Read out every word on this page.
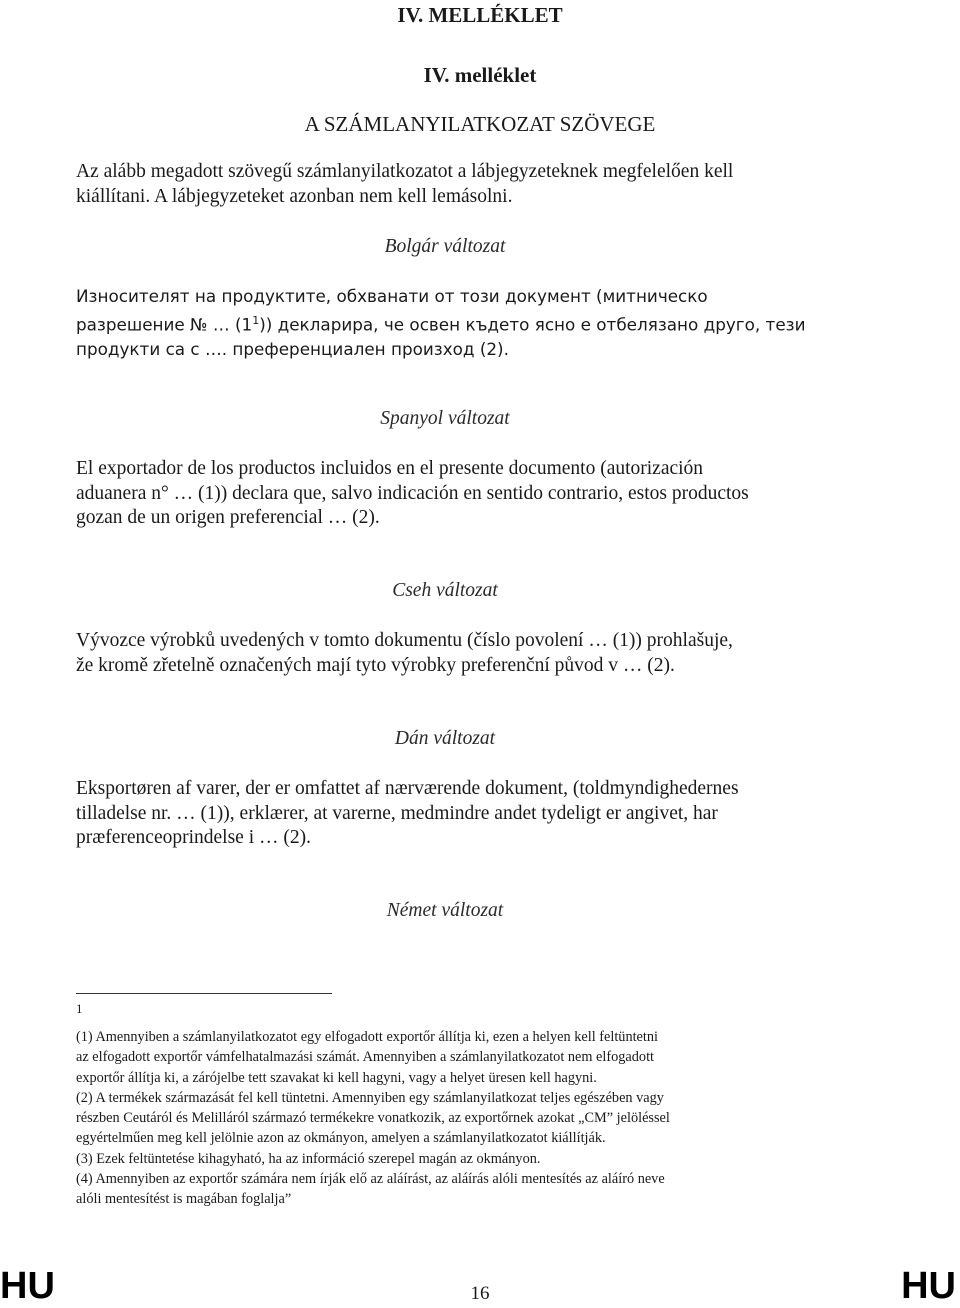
IV. MELLÉKLET
IV. melléklet
A SZÁMLANYILATKOZAT SZÖVEGE
Az alább megadott szövegű számlanyilatkozatot a lábjegyzeteknek megfelelően kell
kiállítani. A lábjegyzeteket azonban nem kell lemásolni.
Bolgár változat
Износителят на продуктите, обхванати от този документ (митническо
разрешение № … $(1^1)$) декларира, че освен където ясно е отбелязано друго, тези
продукти са с …. преференциален произход (2).
Spanyol változat
El exportador de los productos incluidos en el presente documento (autorización
aduanera n° … (1)) declara que, salvo indicación en sentido contrario, estos productos
gozan de un origen preferencial … (2).
Cseh változat
Vývozce výrobků uvedených v tomto dokumentu (číslo povolení … (1)) prohlašuje,
že kromě zřetelně označených mají tyto výrobky preferenční původ v … (2).
Dán változat
Eksportøren af varer, der er omfattet af nærværende dokument, (toldmyndighedernes
tilladelse nr. … (1)), erklærer, at varerne, medmindre andet tydeligt er angivet, har
præferenceoprindelse i … (2).
Német változat
1
(1) Amennyiben a számlanyilatkozatot egy elfogadott exportőr állítja ki, ezen a helyen kell feltüntetni
az elfogadott exportőr vámfelhatalmazási számát. Amennyiben a számlanyilatkozatot nem elfogadott
exportőr állítja ki, a zárójelbe tett szavakat ki kell hagyni, vagy a helyet üresen kell hagyni.
(2) A termékek származását fel kell tüntetni. Amennyiben egy számlanyilatkozat teljes egészében vagy
részben Ceutáról és Melilláról származó termékekre vonatkozik, az exportőrnek azokat „CM” jelöléssel
egyértelműen meg kell jelölnie azon az okmányon, amelyen a számlanyilatkozatot kiállítják.
(3) Ezek feltüntetése kihagyható, ha az információ szerepel magán az okmányon.
(4) Amennyiben az exportőr számára nem írják elő az aláírást, az aláírás alóli mentesítés az aláíró neve
alóli mentesítést is magában foglalja”
HU	16	HU
